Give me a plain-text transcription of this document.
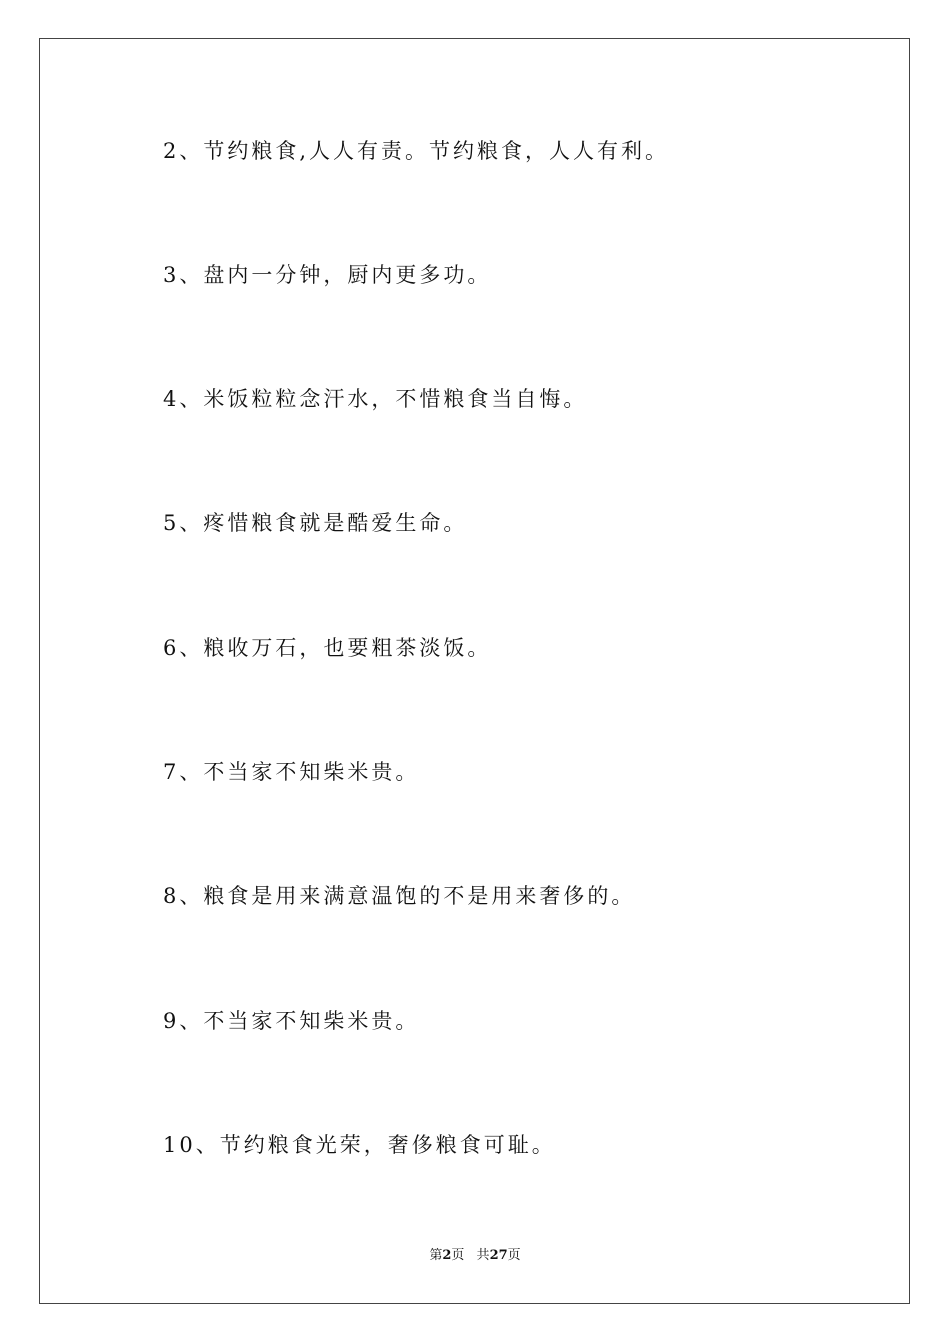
2、节约粮食,人人有责。节约粮食，人人有利。
3、盘内一分钟，厨内更多功。
4、米饭粒粒念汗水，不惜粮食当自悔。
5、疼惜粮食就是酷爱生命。
6、粮收万石，也要粗茶淡饭。
7、不当家不知柴米贵。
8、粮食是用来满意温饱的不是用来奢侈的。
9、不当家不知柴米贵。
10、节约粮食光荣，奢侈粮食可耻。
第2页 共27页
